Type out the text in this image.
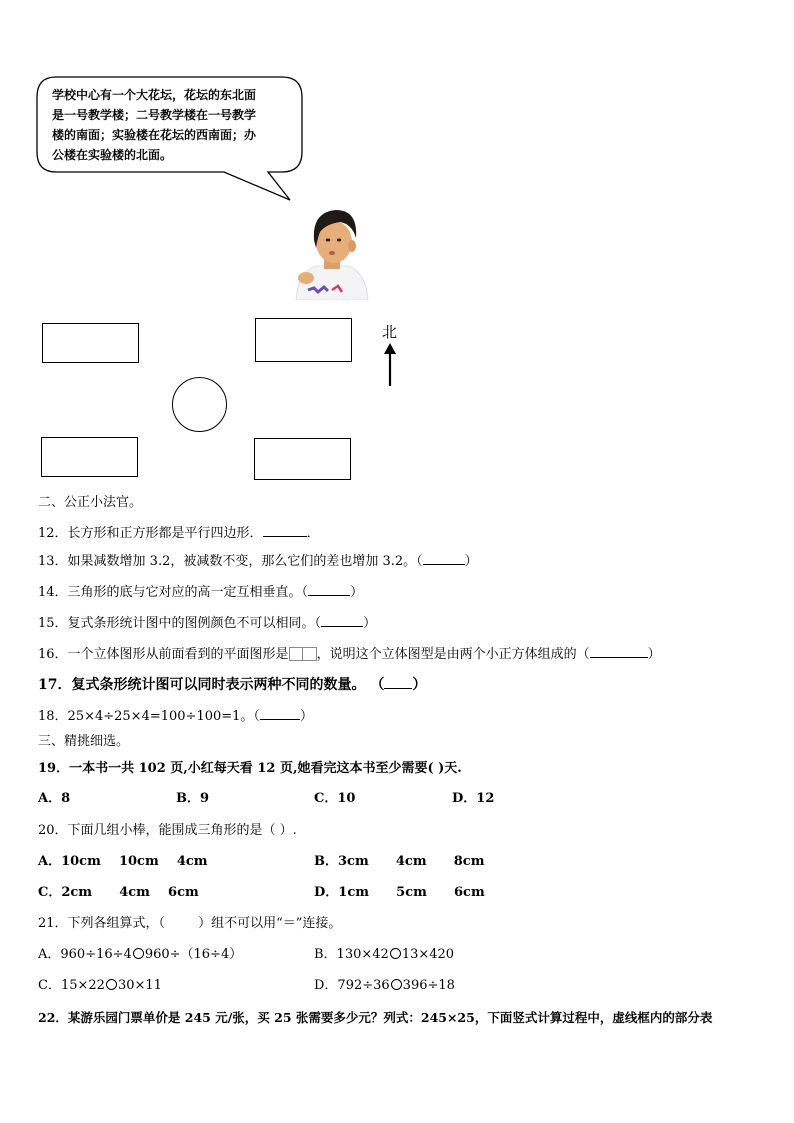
学校中心有一个大花坛，花坛的东北面
是一号教学楼；二号教学楼在一号教学
楼的南面；实验楼在花坛的西南面；办
公楼在实验楼的北面。
北
二、公正小法官。
12．长方形和正方形都是平行四边形．	．
13．如果减数增加 3.2，被减数不变，那么它们的差也增加 3.2。（	）
14．三角形的底与它对应的高一定互相垂直。（	）
15．复式条形统计图中的图例颜色不可以相同。（	）
16．一个立体图形从前面看到的平面图形是 ，说明这个立体图型是由两个小正方体组成的（	）
17．复式条形统计图可以同时表示两种不同的数量。 （ ）
18．25×4÷25×4=100÷100=1。（	）
三、精挑细选。
19．一本书一共 102 页,小红每天看 12 页,她看完这本书至少需要( )天.
A．8	B．9	C．10	D．12
20．下面几组小棒，能围成三角形的是（ ）.
A．10cm    10cm    4cm	B．3cm      4cm      8cm
C．2cm      4cm    6cm	D．1cm      5cm      6cm
21．下列各组算式，（        ）组不可以用“＝”连接。
A．960÷16÷4 960÷（16÷4）	B．130×42 13×420
C．15×22 30×11	D．792÷36 396÷18
22．某游乐园门票单价是 245 元/张，买 25 张需要多少元？列式：245×25，下面竖式计算过程中，虚线框内的部分表
